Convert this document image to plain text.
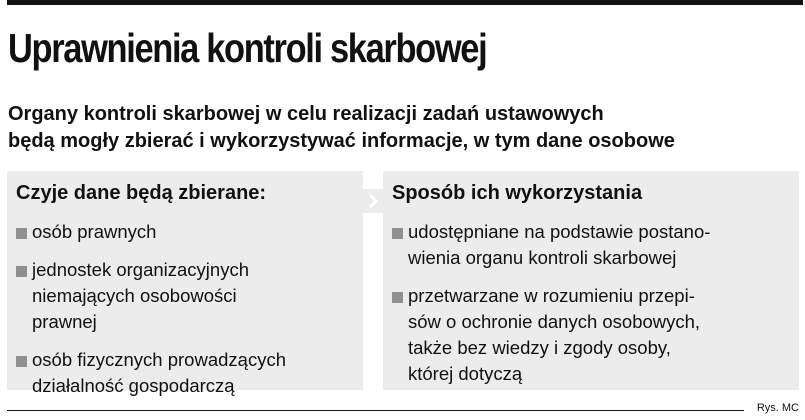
Uprawnienia kontroli skarbowej
Organy kontroli skarbowej w celu realizacji zadań ustawowych
będą mogły zbierać i wykorzystywać informacje, w tym dane osobowe
Czyje dane będą zbierane:
osób prawnych
jednostek organizacyjnych
niemających osobowości
prawnej
osób fizycznych prowadzących
działalność gospodarczą
Sposób ich wykorzystania
udostępniane na podstawie postano-
wienia organu kontroli skarbowej
przetwarzane w rozumieniu przepi-
sów o ochronie danych osobowych,
także bez wiedzy i zgody osoby,
której dotyczą
Rys. MC
